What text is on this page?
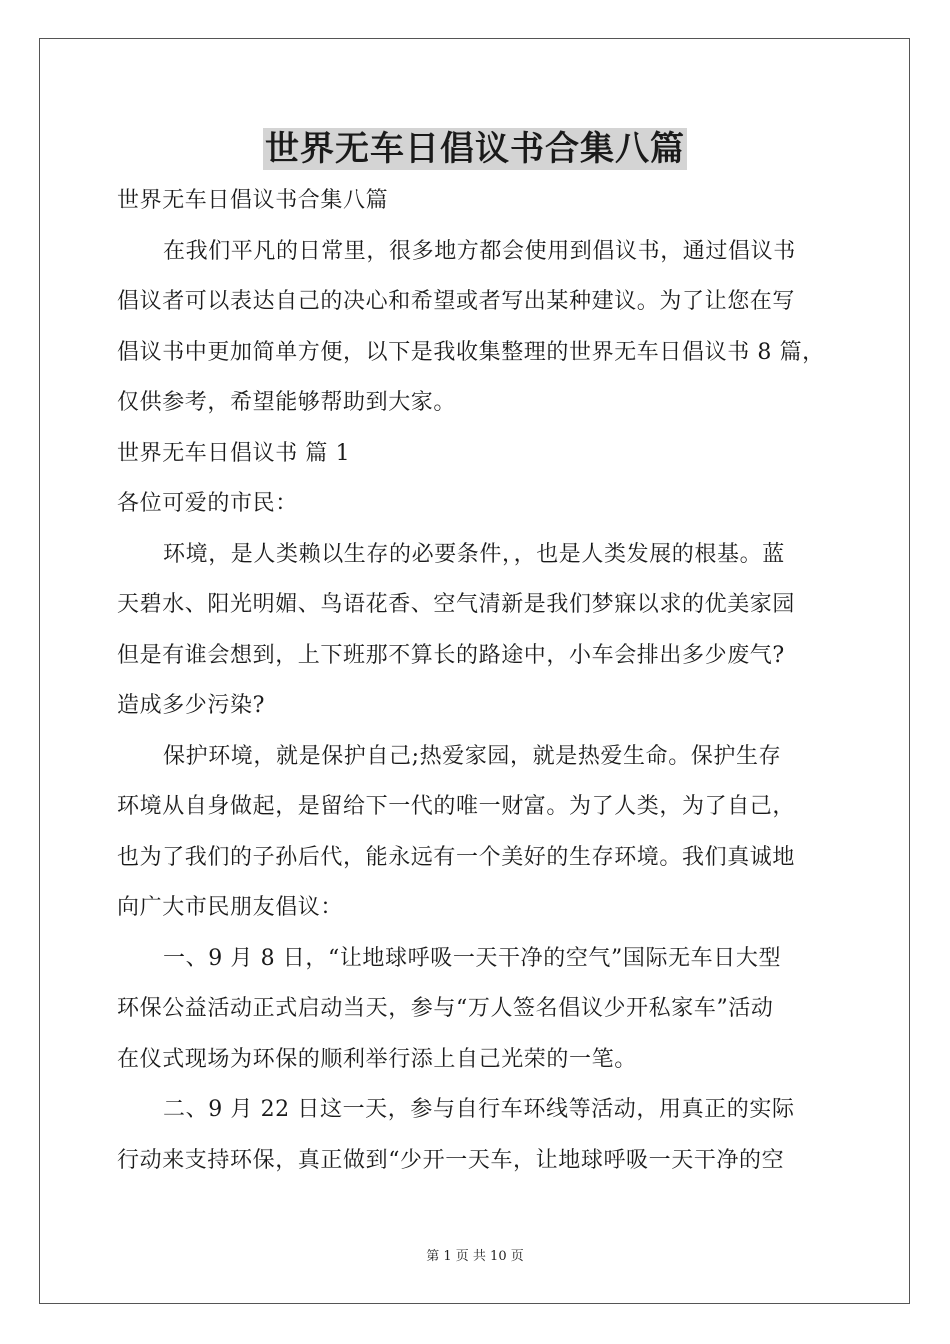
世界无车日倡议书合集八篇
世界无车日倡议书合集八篇
在我们平凡的日常里，很多地方都会使用到倡议书，通过倡议书
倡议者可以表达自己的决心和希望或者写出某种建议。为了让您在写
倡议书中更加简单方便，以下是我收集整理的世界无车日倡议书 8 篇，
仅供参考，希望能够帮助到大家。
世界无车日倡议书 篇 1
各位可爱的市民：
环境，是人类赖以生存的必要条件，，也是人类发展的根基。蓝
天碧水、阳光明媚、鸟语花香、空气清新是我们梦寐以求的优美家园
但是有谁会想到，上下班那不算长的路途中，小车会排出多少废气?
造成多少污染?
保护环境，就是保护自己;热爱家园，就是热爱生命。保护生存
环境从自身做起，是留给下一代的唯一财富。为了人类，为了自己，
也为了我们的子孙后代，能永远有一个美好的生存环境。我们真诚地
向广大市民朋友倡议：
一、9 月 8 日，“让地球呼吸一天干净的空气”国际无车日大型
环保公益活动正式启动当天，参与“万人签名倡议少开私家车”活动
在仪式现场为环保的顺利举行添上自己光荣的一笔。
二、9 月 22 日这一天，参与自行车环线等活动，用真正的实际
行动来支持环保，真正做到“少开一天车，让地球呼吸一天干净的空
第 1 页 共 10 页
